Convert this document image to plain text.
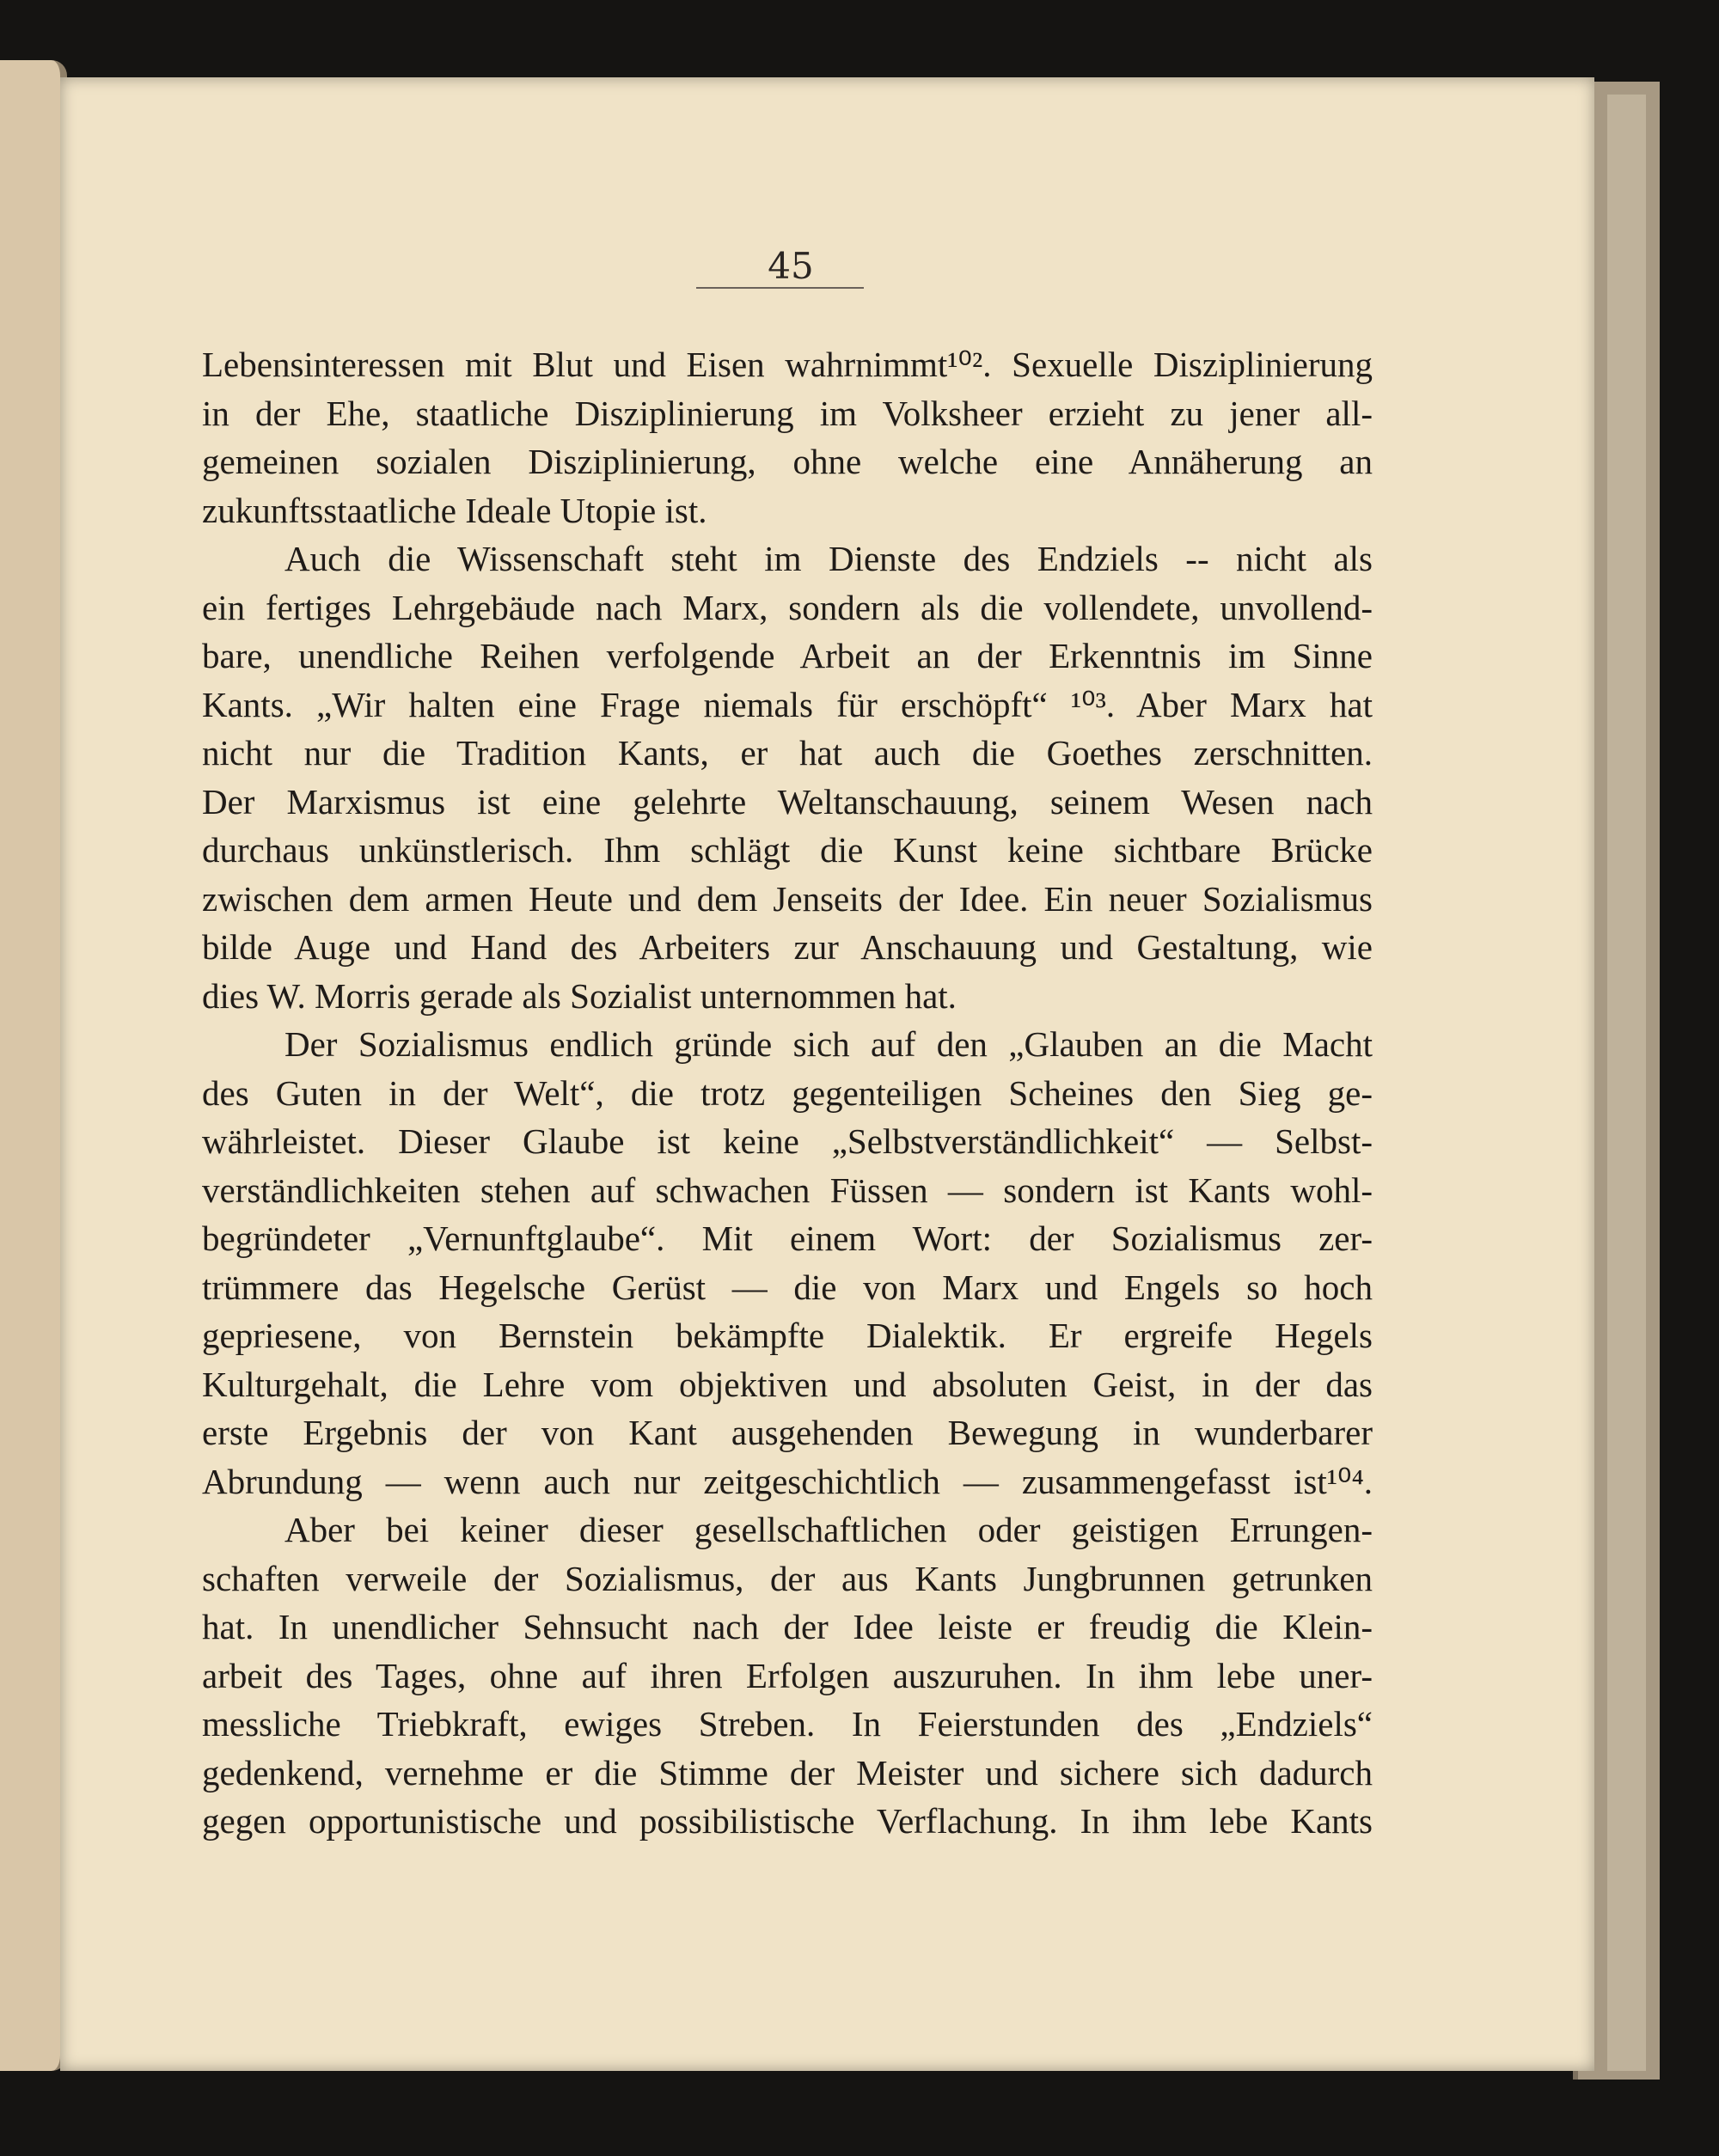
45
Lebensinteressen mit Blut und Eisen wahrnimmt¹⁰². Sexuelle Disziplinierung
in der Ehe, staatliche Disziplinierung im Volksheer erzieht zu jener all-
gemeinen sozialen Disziplinierung, ohne welche eine Annäherung an
zukunftsstaatliche Ideale Utopie ist.
Auch die Wissenschaft steht im Dienste des Endziels -- nicht als
ein fertiges Lehrgebäude nach Marx, sondern als die vollendete, unvollend-
bare, unendliche Reihen verfolgende Arbeit an der Erkenntnis im Sinne
Kants. „Wir halten eine Frage niemals für erschöpft“ ¹⁰³. Aber Marx hat
nicht nur die Tradition Kants, er hat auch die Goethes zerschnitten.
Der Marxismus ist eine gelehrte Weltanschauung, seinem Wesen nach
durchaus unkünstlerisch. Ihm schlägt die Kunst keine sichtbare Brücke
zwischen dem armen Heute und dem Jenseits der Idee. Ein neuer Sozialismus
bilde Auge und Hand des Arbeiters zur Anschauung und Gestaltung, wie
dies W. Morris gerade als Sozialist unternommen hat.
Der Sozialismus endlich gründe sich auf den „Glauben an die Macht
des Guten in der Welt“, die trotz gegenteiligen Scheines den Sieg ge-
währleistet. Dieser Glaube ist keine „Selbstverständlichkeit“ — Selbst-
verständlichkeiten stehen auf schwachen Füssen — sondern ist Kants wohl-
begründeter „Vernunftglaube“. Mit einem Wort: der Sozialismus zer-
trümmere das Hegelsche Gerüst — die von Marx und Engels so hoch
gepriesene, von Bernstein bekämpfte Dialektik. Er ergreife Hegels
Kulturgehalt, die Lehre vom objektiven und absoluten Geist, in der das
erste Ergebnis der von Kant ausgehenden Bewegung in wunderbarer
Abrundung — wenn auch nur zeitgeschichtlich — zusammengefasst ist¹⁰⁴.
Aber bei keiner dieser gesellschaftlichen oder geistigen Errungen-
schaften verweile der Sozialismus, der aus Kants Jungbrunnen getrunken
hat. In unendlicher Sehnsucht nach der Idee leiste er freudig die Klein-
arbeit des Tages, ohne auf ihren Erfolgen auszuruhen. In ihm lebe uner-
messliche Triebkraft, ewiges Streben. In Feierstunden des „Endziels“
gedenkend, vernehme er die Stimme der Meister und sichere sich dadurch
gegen opportunistische und possibilistische Verflachung. In ihm lebe Kants
